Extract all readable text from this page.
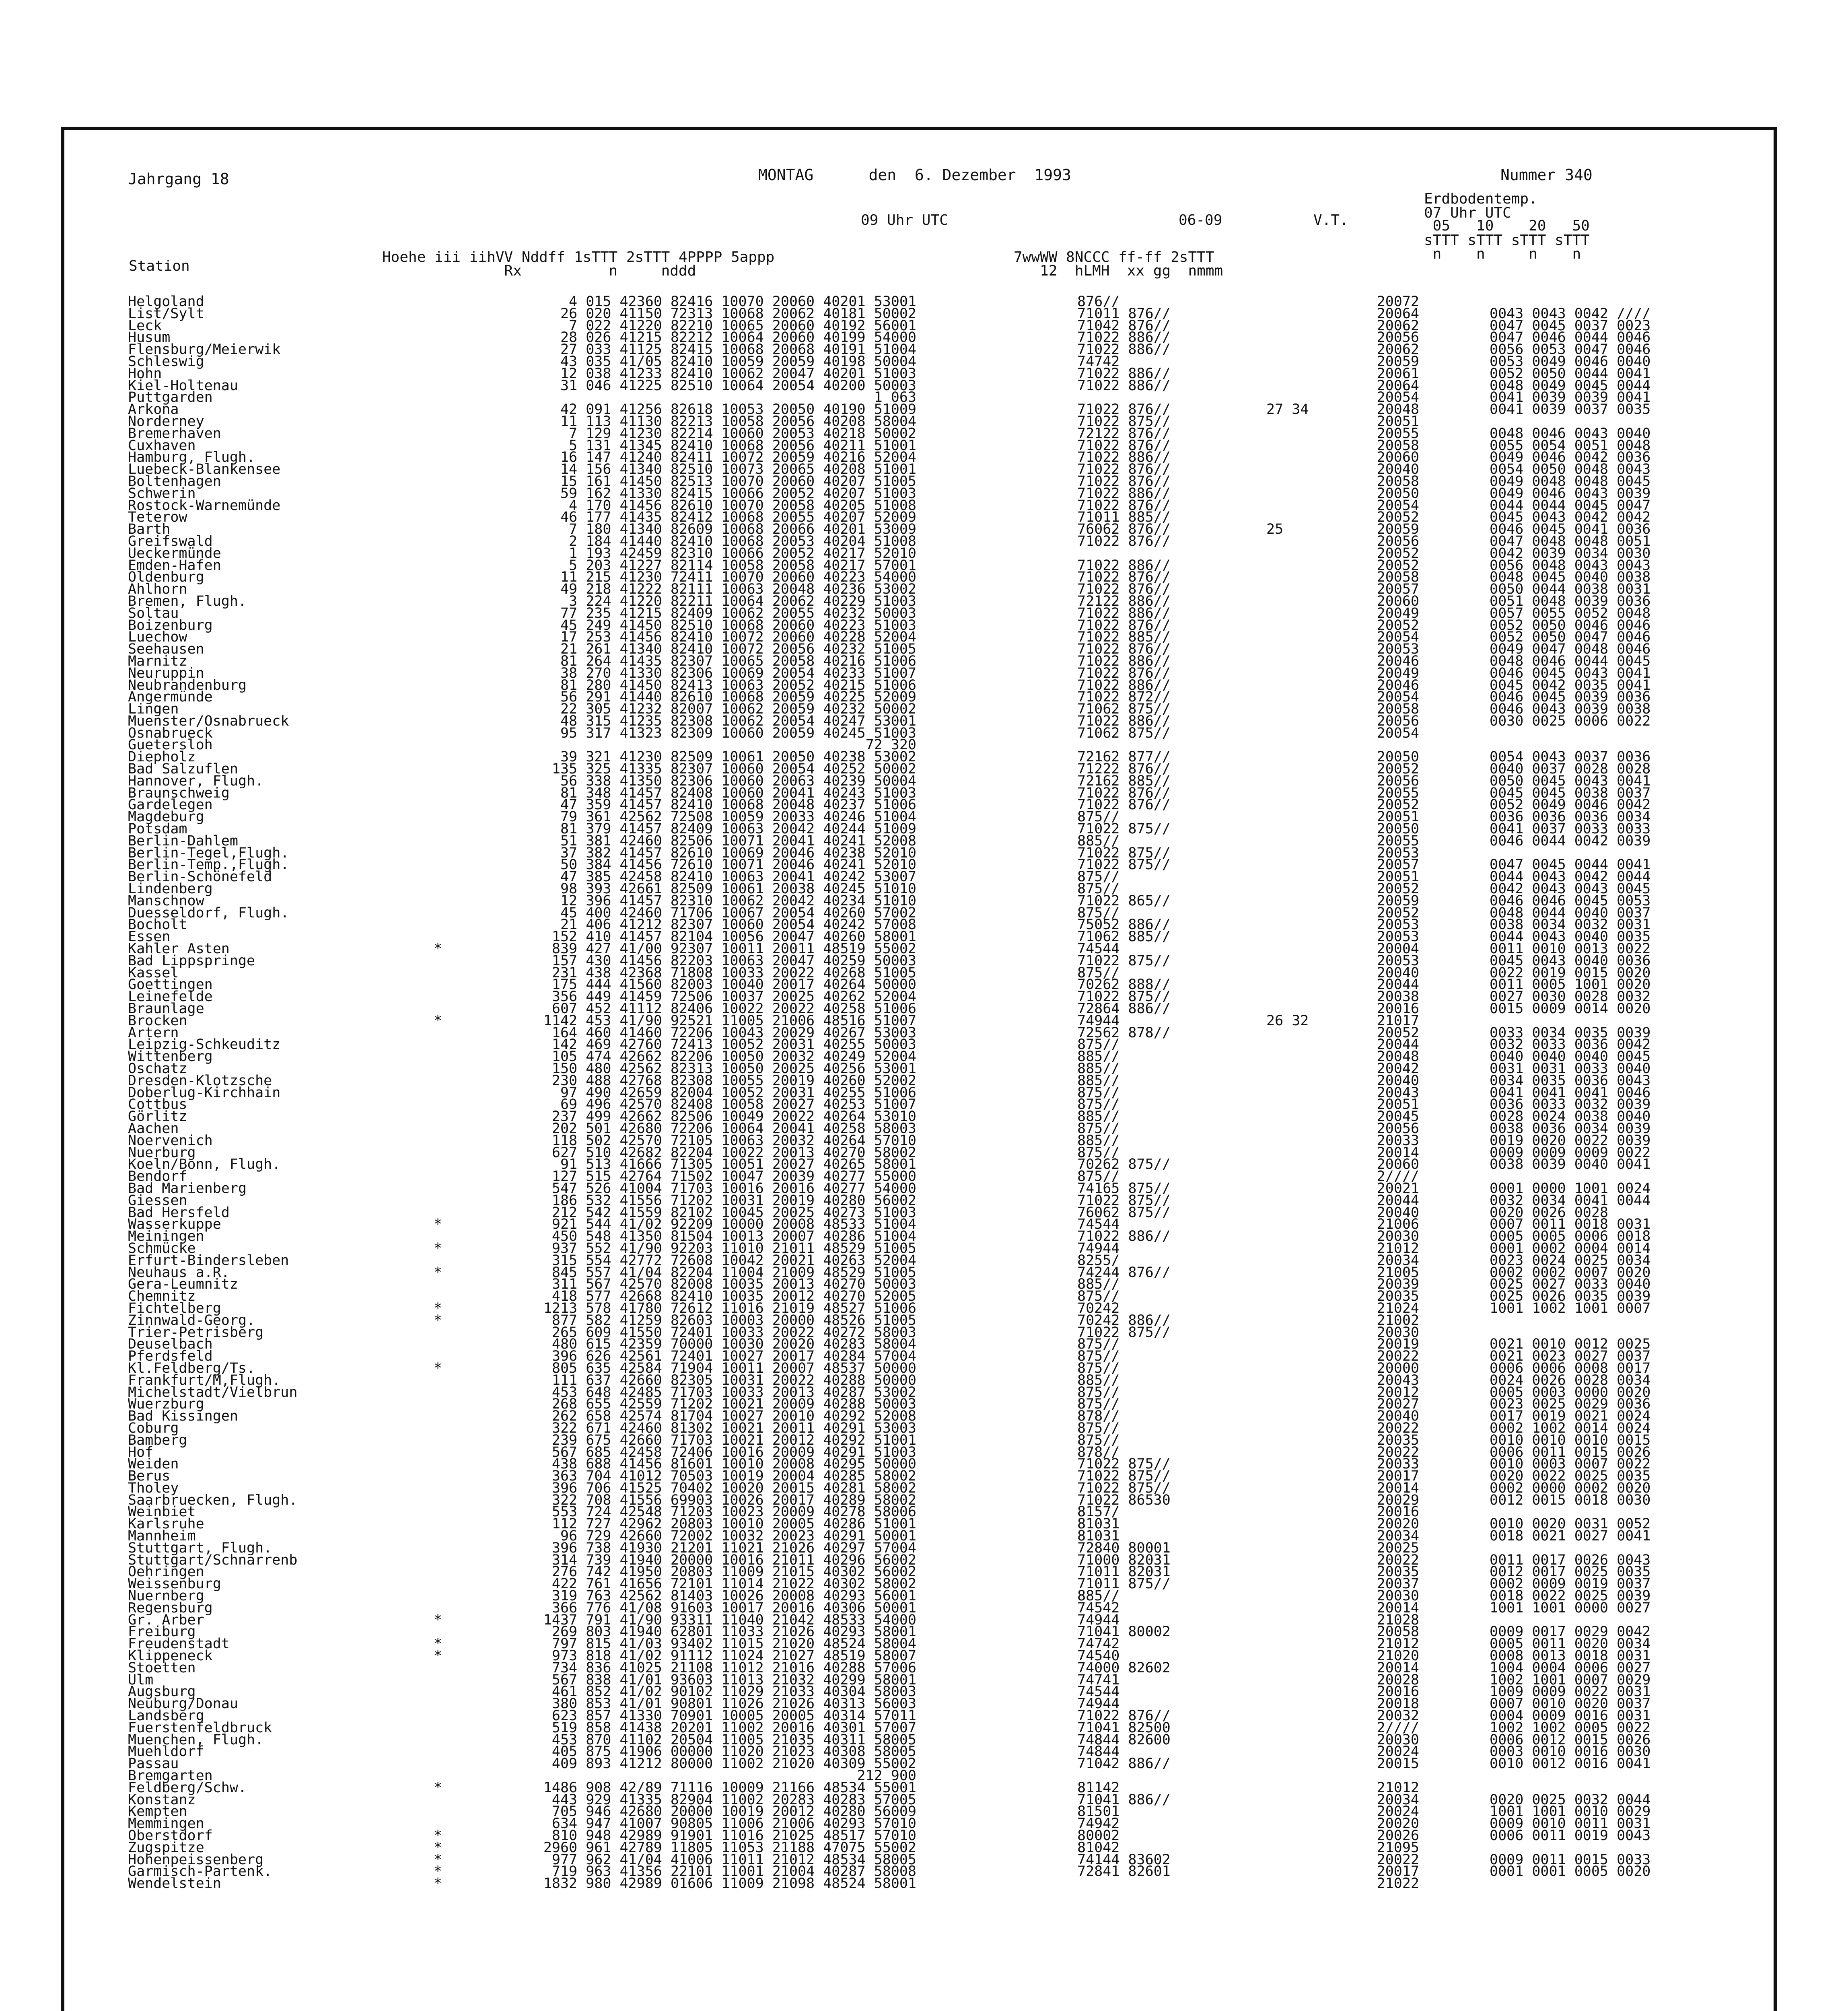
Jahrgang 18	MONTAG      den  6. Dezember  1993	Nummer 340
Station
Hoehe iii iihVV Nddff 1sTTT 2sTTT 4PPPP 5appp
Rx          n     nddd
09 Uhr UTC	06-09	V.T.
7wwWW 8NCCC ff-ff 2sTTT
12  hLMH  xx gg  nmmm
Erdbodentemp.
07 Uhr UTC
05   10    20   50
sTTT sTTT sTTT sTTT
n    n     n    n
Helgoland	4 015 42360 82416 10070 20060 40201 53001	876//	20072
List/Sylt	26 020 41150 72313 10068 20062 40181 50002	71011 876//	20064	0043 0043 0042 ////
Leck	7 022 41220 82210 10065 20060 40192 56001	71042 876//	20062	0047 0045 0037 0023
Husum	28 026 41215 82212 10064 20060 40199 54000	71022 886//	20056	0047 0046 0044 0046
Flensburg/Meierwik	27 033 41125 82415 10068 20068 40191 51004	71022 886//	20062	0056 0053 0047 0046
Schleswig	43 035 41/05 82410 10059 20059 40198 50004	74742	20059	0053 0049 0046 0040
Hohn	12 038 41233 82410 10062 20047 40201 51003	71022 886//	20061	0052 0050 0044 0041
Kiel-Holtenau	31 046 41225 82510 10064 20054 40200 50003	71022 886//	20064	0048 0049 0045 0044
Puttgarden	1 063	20054	0041 0039 0039 0041
Arkona	42 091 41256 82618 10053 20050 40190 51009	71022 876//	27 34	20048	0041 0039 0037 0035
Norderney	11 113 41130 82213 10058 20056 40208 58004	71022 875//	20051
Bremerhaven	7 129 41230 82214 10060 20053 40218 50002	72122 876//	20055	0048 0046 0043 0040
Cuxhaven	5 131 41345 82410 10068 20056 40211 51001	71022 876//	20058	0055 0054 0051 0048
Hamburg, Flugh.	16 147 41240 82411 10072 20059 40216 52004	71022 886//	20060	0049 0046 0042 0036
Luebeck-Blankensee	14 156 41340 82510 10073 20065 40208 51001	71022 876//	20040	0054 0050 0048 0043
Boltenhagen	15 161 41450 82513 10070 20060 40207 51005	71022 876//	20058	0049 0048 0048 0045
Schwerin	59 162 41330 82415 10066 20052 40207 51003	71022 886//	20050	0049 0046 0043 0039
Rostock-Warnemünde	4 170 41456 82610 10070 20058 40205 51008	71022 876//	20054	0044 0044 0045 0047
Teterow	46 177 41435 82412 10068 20055 40207 52009	71011 885//	20052	0045 0043 0042 0042
Barth	7 180 41340 82609 10068 20066 40201 53009	76062 876//	25	20059	0046 0045 0041 0036
Greifswald	2 184 41440 82410 10068 20053 40204 51008	71022 876//	20056	0047 0048 0048 0051
Ueckermünde	1 193 42459 82310 10066 20052 40217 52010	20052	0042 0039 0034 0030
Emden-Hafen	5 203 41227 82114 10058 20058 40217 57001	71022 886//	20052	0056 0048 0043 0043
Oldenburg	11 215 41230 72411 10070 20060 40223 54000	71022 876//	20058	0048 0045 0040 0038
Ahlhorn	49 218 41222 82111 10063 20048 40236 53002	71022 876//	20057	0050 0044 0038 0031
Bremen, Flugh.	3 224 41220 82211 10064 20062 40229 51003	72122 886//	20060	0051 0048 0039 0036
Soltau	77 235 41215 82409 10062 20055 40232 50003	71022 886//	20049	0057 0055 0052 0048
Boizenburg	45 249 41450 82510 10068 20060 40223 51003	71022 876//	20052	0052 0050 0046 0046
Luechow	17 253 41456 82410 10072 20060 40228 52004	71022 885//	20054	0052 0050 0047 0046
Seehausen	21 261 41340 82410 10072 20056 40232 51005	71022 876//	20053	0049 0047 0048 0046
Marnitz	81 264 41435 82307 10065 20058 40216 51006	71022 886//	20046	0048 0046 0044 0045
Neuruppin	38 270 41330 82306 10069 20054 40233 51007	71022 876//	20049	0046 0045 0043 0041
Neubrandenburg	81 280 41450 82413 10063 20052 40215 51006	71022 886//	20046	0045 0042 0035 0041
Angermünde	56 291 41440 82610 10068 20059 40225 52009	71022 872//	20054	0046 0045 0039 0036
Lingen	22 305 41232 82007 10062 20059 40232 50002	71062 875//	20058	0046 0043 0039 0038
Muenster/Osnabrueck	48 315 41235 82308 10062 20054 40247 53001	71022 886//	20056	0030 0025 0006 0022
Osnabrueck	95 317 41323 82309 10060 20059 40245 51003	71062 875//	20054
Guetersloh	72 320
Diepholz	39 321 41230 82509 10061 20050 40238 53002	72162 877//	20050	0054 0043 0037 0036
Bad Salzuflen	135 325 41335 82307 10060 20054 40252 50002	71222 876//	20052	0040 0037 0028 0028
Hannover, Flugh.	56 338 41350 82306 10060 20063 40239 50004	72162 885//	20056	0050 0045 0043 0041
Braunschweig	81 348 41457 82408 10060 20041 40243 51003	71022 876//	20055	0045 0045 0038 0037
Gardelegen	47 359 41457 82410 10068 20048 40237 51006	71022 876//	20052	0052 0049 0046 0042
Magdeburg	79 361 42562 72508 10059 20033 40246 51004	875//	20051	0036 0036 0036 0034
Potsdam	81 379 41457 82409 10063 20042 40244 51009	71022 875//	20050	0041 0037 0033 0033
Berlin-Dahlem	51 381 42460 82506 10071 20041 40241 52008	885//	20055	0046 0044 0042 0039
Berlin-Tegel,Flugh.	37 382 41457 82610 10069 20046 40238 52010	71022 875//	20053
Berlin-Temp.,Flugh.	50 384 41456 72610 10071 20046 40241 52010	71022 875//	20057	0047 0045 0044 0041
Berlin-Schönefeld	47 385 42458 82410 10063 20041 40242 53007	875//	20051	0044 0043 0042 0044
Lindenberg	98 393 42661 82509 10061 20038 40245 51010	875//	20052	0042 0043 0043 0045
Manschnow	12 396 41457 82310 10062 20042 40234 51010	71022 865//	20059	0046 0046 0045 0053
Duesseldorf, Flugh.	45 400 42460 71706 10067 20054 40260 57002	875//	20052	0048 0044 0040 0037
Bocholt	21 406 41212 82307 10060 20054 40242 57008	75052 886//	20053	0038 0034 0032 0031
Essen	152 410 41457 82104 10056 20047 40260 58001	71062 885//	20053	0044 0043 0040 0035
Kahler Asten	*	839 427 41/00 92307 10011 20011 48519 55002	74544	20004	0011 0010 0013 0022
Bad Lippspringe	157 430 41456 82203 10063 20047 40259 50003	71022 875//	20053	0045 0043 0040 0036
Kassel	231 438 42368 71808 10033 20022 40268 51005	875//	20040	0022 0019 0015 0020
Goettingen	175 444 41560 82003 10040 20017 40264 50000	70262 888//	20044	0011 0005 1001 0020
Leinefelde	356 449 41459 72506 10037 20025 40262 52004	71022 875//	20038	0027 0030 0028 0032
Braunlage	607 452 41112 82406 10022 20022 40258 51006	72864 886//	20016	0015 0009 0014 0020
Brocken	*	1142 453 41/90 92521 11005 21006 48516 51007	74944	26 32	21017
Artern	164 460 41460 72206 10043 20029 40267 53003	72562 878//	20052	0033 0034 0035 0039
Leipzig-Schkeuditz	142 469 42760 72413 10052 20031 40255 50003	875//	20044	0032 0033 0036 0042
Wittenberg	105 474 42662 82206 10050 20032 40249 52004	885//	20048	0040 0040 0040 0045
Oschatz	150 480 42562 82313 10050 20025 40256 53001	885//	20042	0031 0031 0033 0040
Dresden-Klotzsche	230 488 42768 82308 10055 20019 40260 52002	885//	20040	0034 0035 0036 0043
Doberlug-Kirchhain	97 490 42659 82004 10052 20031 40255 51006	875//	20043	0041 0041 0041 0046
Cottbus	69 496 42570 82408 10058 20027 40253 51007	875//	20051	0036 0033 0032 0039
Görlitz	237 499 42662 82506 10049 20022 40264 53010	885//	20045	0028 0024 0038 0040
Aachen	202 501 42680 72206 10064 20041 40258 58003	875//	20056	0038 0036 0034 0039
Noervenich	118 502 42570 72105 10063 20032 40264 57010	885//	20033	0019 0020 0022 0039
Nuerburg	627 510 42682 82204 10022 20013 40270 58002	875//	20014	0009 0009 0009 0022
Koeln/Bonn, Flugh.	91 513 41666 71305 10051 20027 40265 58001	70262 875//	20060	0038 0039 0040 0041
Bendorf	127 515 42764 71502 10047 20039 40277 55000	875//	2////
Bad Marienberg	547 526 41004 71703 10016 20016 40277 54000	74165 875//	20021	0001 0000 1001 0024
Giessen	186 532 41556 71202 10031 20019 40280 56002	71022 875//	20044	0032 0034 0041 0044
Bad Hersfeld	212 542 41559 82102 10045 20025 40273 51003	76062 875//	20040	0020 0026 0028
Wasserkuppe	*	921 544 41/02 92209 10000 20008 48533 51004	74544	21006	0007 0011 0018 0031
Meiningen	450 548 41350 81504 10013 20007 40286 51004	71022 886//	20030	0005 0005 0006 0018
Schmücke	*	937 552 41/90 92203 11010 21011 48529 51005	74944	21012	0001 0002 0004 0014
Erfurt-Bindersleben	315 554 42772 72608 10042 20021 40263 52004	8255/	20034	0023 0024 0025 0034
Neuhaus a.R.	*	845 557 41/04 82204 11004 21009 48529 51005	74244 876//	21005	0002 0002 0007 0020
Gera-Leumnitz	311 567 42570 82008 10035 20013 40270 50003	885//	20039	0025 0027 0033 0040
Chemnitz	418 577 42668 82410 10035 20012 40270 52005	875//	20035	0025 0026 0035 0039
Fichtelberg	*	1213 578 41780 72612 11016 21019 48527 51006	70242	21024	1001 1002 1001 0007
Zinnwald-Georg.	*	877 582 41259 82603 10003 20000 48526 51005	70242 886//	21002
Trier-Petrisberg	265 609 41550 72401 10033 20022 40272 58003	71022 875//	20030
Deuselbach	480 615 42359 70000 10030 20020 40283 58004	875//	20019	0021 0010 0012 0025
Pferdsfeld	396 626 42561 72401 10027 20017 40284 57004	875//	20022	0021 0023 0027 0037
Kl.Feldberg/Ts.	*	805 635 42584 71904 10011 20007 48537 50000	875//	20000	0006 0006 0008 0017
Frankfurt/M,Flugh.	111 637 42660 82305 10031 20022 40288 50000	885//	20043	0024 0026 0028 0034
Michelstadt/Vielbrun	453 648 42485 71703 10033 20013 40287 53002	875//	20012	0005 0003 0000 0020
Wuerzburg	268 655 42559 71202 10021 20009 40288 50003	875//	20027	0023 0025 0029 0036
Bad Kissingen	262 658 42574 81704 10027 20010 40292 52008	878//	20040	0017 0019 0021 0024
Coburg	322 671 42460 81302 10021 20011 40291 53003	875//	20022	0002 1002 0014 0024
Bamberg	239 675 42660 71703 10021 20012 40292 51001	875//	20035	0010 0010 0010 0015
Hof	567 685 42458 72406 10016 20009 40291 51003	878//	20022	0006 0011 0015 0026
Weiden	438 688 41456 81601 10010 20008 40295 50000	71022 875//	20033	0010 0003 0007 0022
Berus	363 704 41012 70503 10019 20004 40285 58002	71022 875//	20017	0020 0022 0025 0035
Tholey	396 706 41525 70402 10020 20015 40281 58002	71022 875//	20014	0002 0000 0002 0020
Saarbruecken, Flugh.	322 708 41556 69903 10026 20017 40289 58002	71022 86530	20029	0012 0015 0018 0030
Weinbiet	553 724 42548 71203 10023 20009 40278 58006	8157/	20016
Karlsruhe	112 727 42962 20803 10010 20005 40286 51001	81031	20020	0010 0020 0031 0052
Mannheim	96 729 42660 72002 10032 20023 40291 50001	81031	20034	0018 0021 0027 0041
Stuttgart, Flugh.	396 738 41930 21201 11021 21026 40297 57004	72840 80001	20025
Stuttgart/Schnarrenb	314 739 41940 20000 10016 21011 40296 56002	71000 82031	20022	0011 0017 0026 0043
Oehringen	276 742 41950 20803 11009 21015 40302 56002	71011 82031	20035	0012 0017 0025 0035
Weissenburg	422 761 41656 72101 11014 21022 40302 58002	71011 875//	20037	0002 0009 0019 0037
Nuernberg	319 763 42562 81403 10026 20008 40293 56001	885//	20030	0018 0022 0025 0039
Regensburg	366 776 41/08 91603 10017 20016 40306 50001	74542	20014	1001 1001 0000 0027
Gr. Arber	*	1437 791 41/90 93311 11040 21042 48533 54000	74944	21028
Freiburg	269 803 41940 62801 11033 21026 40293 58001	71041 80002	20058	0009 0017 0029 0042
Freudenstadt	*	797 815 41/03 93402 11015 21020 48524 58004	74742	21012	0005 0011 0020 0034
Klippeneck	*	973 818 41/02 91112 11024 21027 48519 58007	74540	21020	0008 0013 0018 0031
Stoetten	734 836 41025 21108 11012 21016 40288 57006	74000 82602	20014	1004 0004 0006 0027
Ulm	567 838 41/01 93603 11013 21032 40299 58001	74741	20028	1002 1001 0007 0029
Augsburg	461 852 41/02 90102 11029 21033 40304 58003	74544	20016	1009 0009 0022 0031
Neuburg/Donau	380 853 41/01 90801 11026 21026 40313 56003	74944	20018	0007 0010 0020 0037
Landsberg	623 857 41330 70901 10005 20005 40314 57011	71022 876//	20032	0004 0009 0016 0031
Fuerstenfeldbruck	519 858 41438 20201 11002 20016 40301 57007	71041 82500	2////	1002 1002 0005 0022
Muenchen, Flugh.	453 870 41102 20504 11005 21035 40311 58005	74844 82600	20030	0006 0012 0015 0026
Muehldorf	405 875 41906 00000 11020 21023 40308 58005	74844	20024	0003 0010 0016 0030
Passau	409 893 41212 80000 11002 21020 40309 55002	71042 886//	20015	0010 0012 0016 0041
Bremgarten	212 900
Feldberg/Schw.	*	1486 908 42/89 71116 10009 21166 48534 55001	81142	21012
Konstanz	443 929 41335 82904 11002 20283 40283 57005	71041 886//	20034	0020 0025 0032 0044
Kempten	705 946 42680 20000 10019 20012 40280 56009	81501	20024	1001 1001 0010 0029
Memmingen	634 947 41007 90805 11006 21006 40293 57010	74942	20020	0009 0010 0011 0031
Oberstdorf	*	810 948 42989 91901 11016 21025 48517 57010	80002	20026	0006 0011 0019 0043
Zugspitze	*	2960 961 42789 11805 11053 21188 47075 55002	81042	21095
Hohenpeissenberg	*	977 962 41/04 41006 11011 21012 48534 58005	74144 83602	20022	0009 0011 0015 0033
Garmisch-Partenk.	*	719 963 41356 22101 11001 21004 40287 58008	72841 82601	20017	0001 0001 0005 0020
Wendelstein	*	1832 980 42989 01606 11009 21098 48524 58001	21022
